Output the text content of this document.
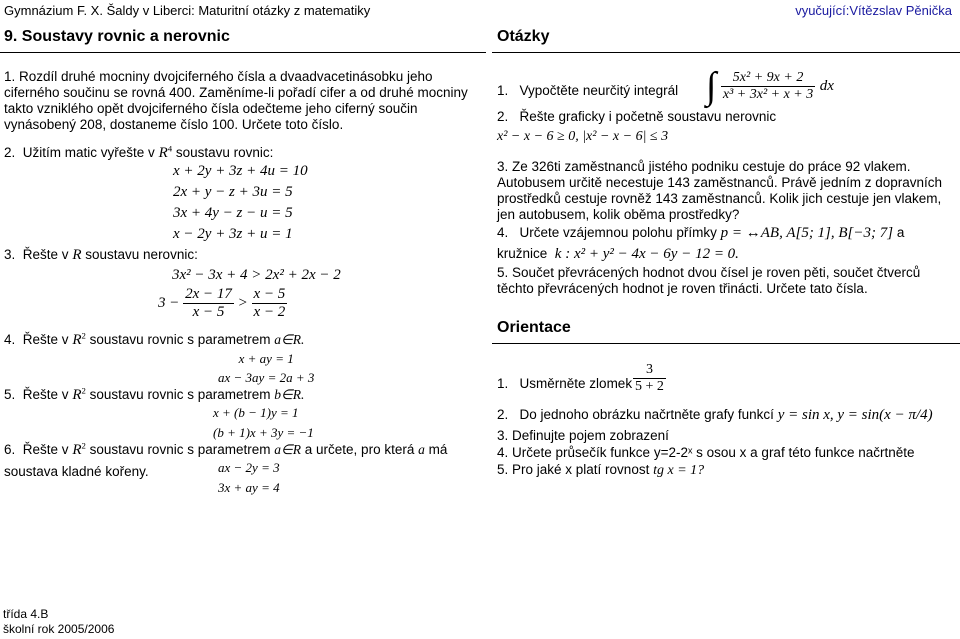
Gymnázium F. X. Šaldy v Liberci: Maturitní otázky z matematiky	vyučující:Vítězslav Pěnička
9. Soustavy rovnic a nerovnic	Otázky
1. Rozdíl druhé mocniny dvojciferného čísla a dvaadvacetinásobku jeho ciferného součinu se rovná 400. Zaměníme-li pořadí cifer a od druhé mocniny takto vzniklého opět dvojciferného čísla odečteme jeho ciferný součin vynásobený 208, dostaneme číslo 100. Určete toto číslo.
2. Užitím matic vyřešte v $R^4$ soustavu rovnic:
x + 2y + 3z + 4u = 10
2x + y − z + 3u = 5
3x + 4y − z − u = 5
x − 2y + 3z + u = 1
3. Řešte v R soustavu nerovnic:
3x² − 3x + 4 > 2x² + 2x − 2
$3 - \frac{2x - 17}{x - 5} > \frac{x - 5}{x - 2}$
4. Řešte v $R^2$ soustavu rovnic s parametrem a∈R.
x + ay = 1
ax − 3ay = 2a + 3
5. Řešte v $R^2$ soustavu rovnic s parametrem b∈R.
x + (b − 1)y = 1
(b + 1)x + 3y = −1
6. Řešte v $R^2$ soustavu rovnic s parametrem a∈R a určete, pro která a má
ax − 2y = 3
3x + ay = 4
soustava kladné kořeny.
1. Vypočtěte neurčitý integrál ∫ $\frac{\text{5x² + 9x + 2}}{\text{x³ + 3x² + x + 3}}$ dx
2. Řešte graficky i početně soustavu nerovnic
x² − x − 6 ≥ 0, |x² − x − 6| ≤ 3
3. Ze 326ti zaměstnanců jistého podniku cestuje do práce 92 vlakem. Autobusem určitě necestuje 143 zaměstnanců. Právě jedním z dopravních prostředků cestuje rovněž 143 zaměstnanců. Kolik jich cestuje jen vlakem, jen autobusem, kolik oběma prostředky?
4. Určete vzájemnou polohu přímky p = ↔AB, A[5; 1], B[−3; 7] a
kružnice k : x² + y² − 4x − 6y − 12 = 0.
5. Součet převrácených hodnot dvou čísel je roven pěti, součet čtverců těchto převrácených hodnot je roven třinácti. Určete tato čísla.
Orientace
1. Usměrněte zlomek $\frac{3}{5 + 2}$
2. Do jednoho obrázku načrtněte grafy funkcí y = sin x, y = sin(x − π/4)
3. Definujte pojem zobrazení
4. Určete průsečík funkce y=2-2ˣ s osou x a graf této funkce načrtněte
5. Pro jaké x platí rovnost tg x = 1?
třída 4.B
školní rok 2005/2006
